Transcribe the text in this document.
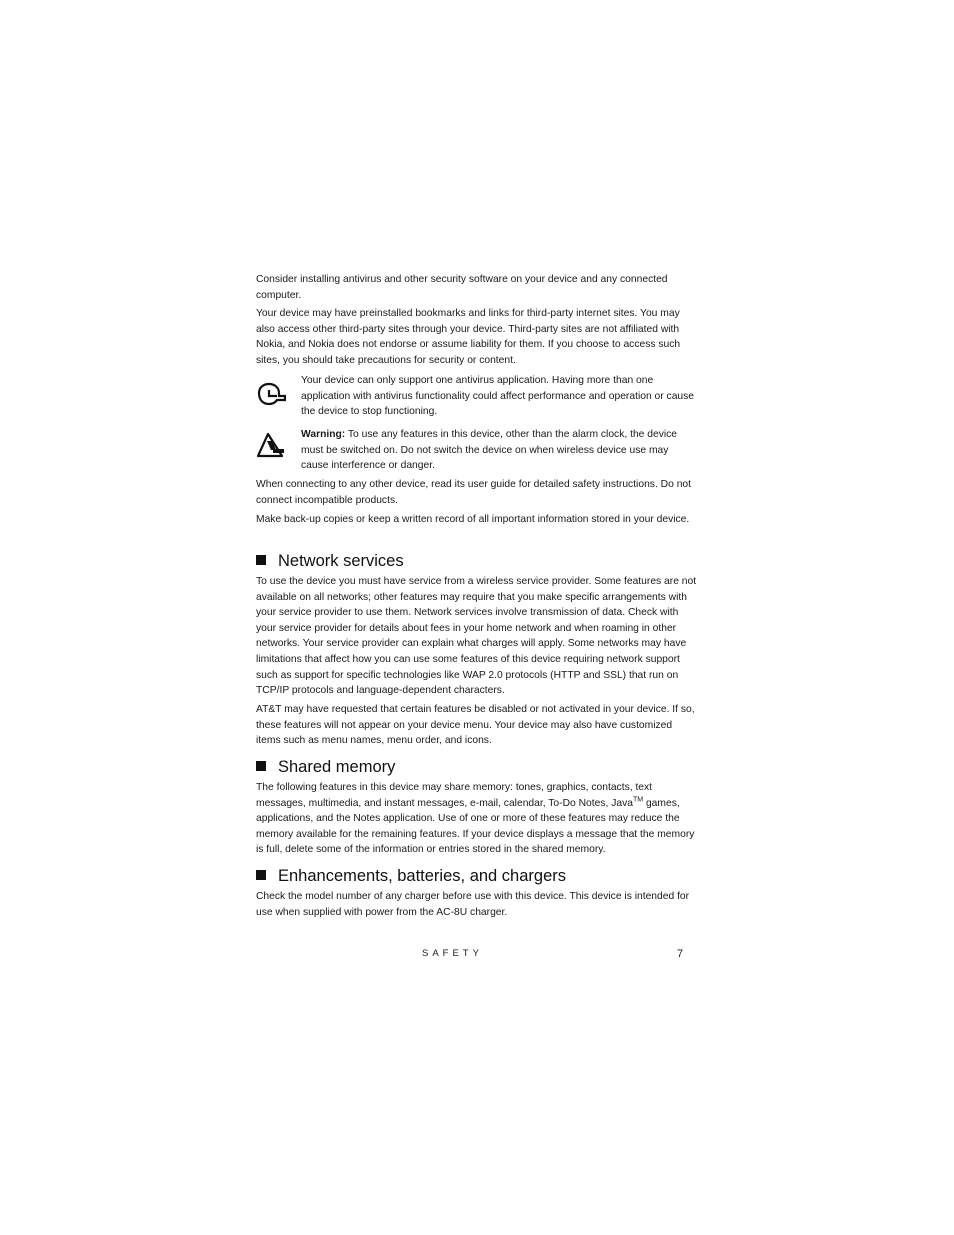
Consider installing antivirus and other security software on your device and any connected computer.

Your device may have preinstalled bookmarks and links for third-party internet sites. You may also access other third-party sites through your device. Third-party sites are not affiliated with Nokia, and Nokia does not endorse or assume liability for them. If you choose to access such sites, you should take precautions for security or content.

Your device can only support one antivirus application. Having more than one application with antivirus functionality could affect performance and operation or cause the device to stop functioning.

Warning: To use any features in this device, other than the alarm clock, the device must be switched on. Do not switch the device on when wireless device use may cause interference or danger.

When connecting to any other device, read its user guide for detailed safety instructions. Do not connect incompatible products.

Make back-up copies or keep a written record of all important information stored in your device.

Network services

To use the device you must have service from a wireless service provider. Some features are not available on all networks; other features may require that you make specific arrangements with your service provider to use them. Network services involve transmission of data. Check with your service provider for details about fees in your home network and when roaming in other networks. Your service provider can explain what charges will apply. Some networks may have limitations that affect how you can use some features of this device requiring network support such as support for specific technologies like WAP 2.0 protocols (HTTP and SSL) that run on TCP/IP protocols and language-dependent characters.

AT&T may have requested that certain features be disabled or not activated in your device. If so, these features will not appear on your device menu. Your device may also have customized items such as menu names, menu order, and icons.

Shared memory

The following features in this device may share memory: tones, graphics, contacts, text messages, multimedia, and instant messages, e-mail, calendar, To-Do Notes, Java™ games, applications, and the Notes application. Use of one or more of these features may reduce the memory available for the remaining features. If your device displays a message that the memory is full, delete some of the information or entries stored in the shared memory.

Enhancements, batteries, and chargers

Check the model number of any charger before use with this device. This device is intended for use when supplied with power from the AC-8U charger.

SAFETY	7
